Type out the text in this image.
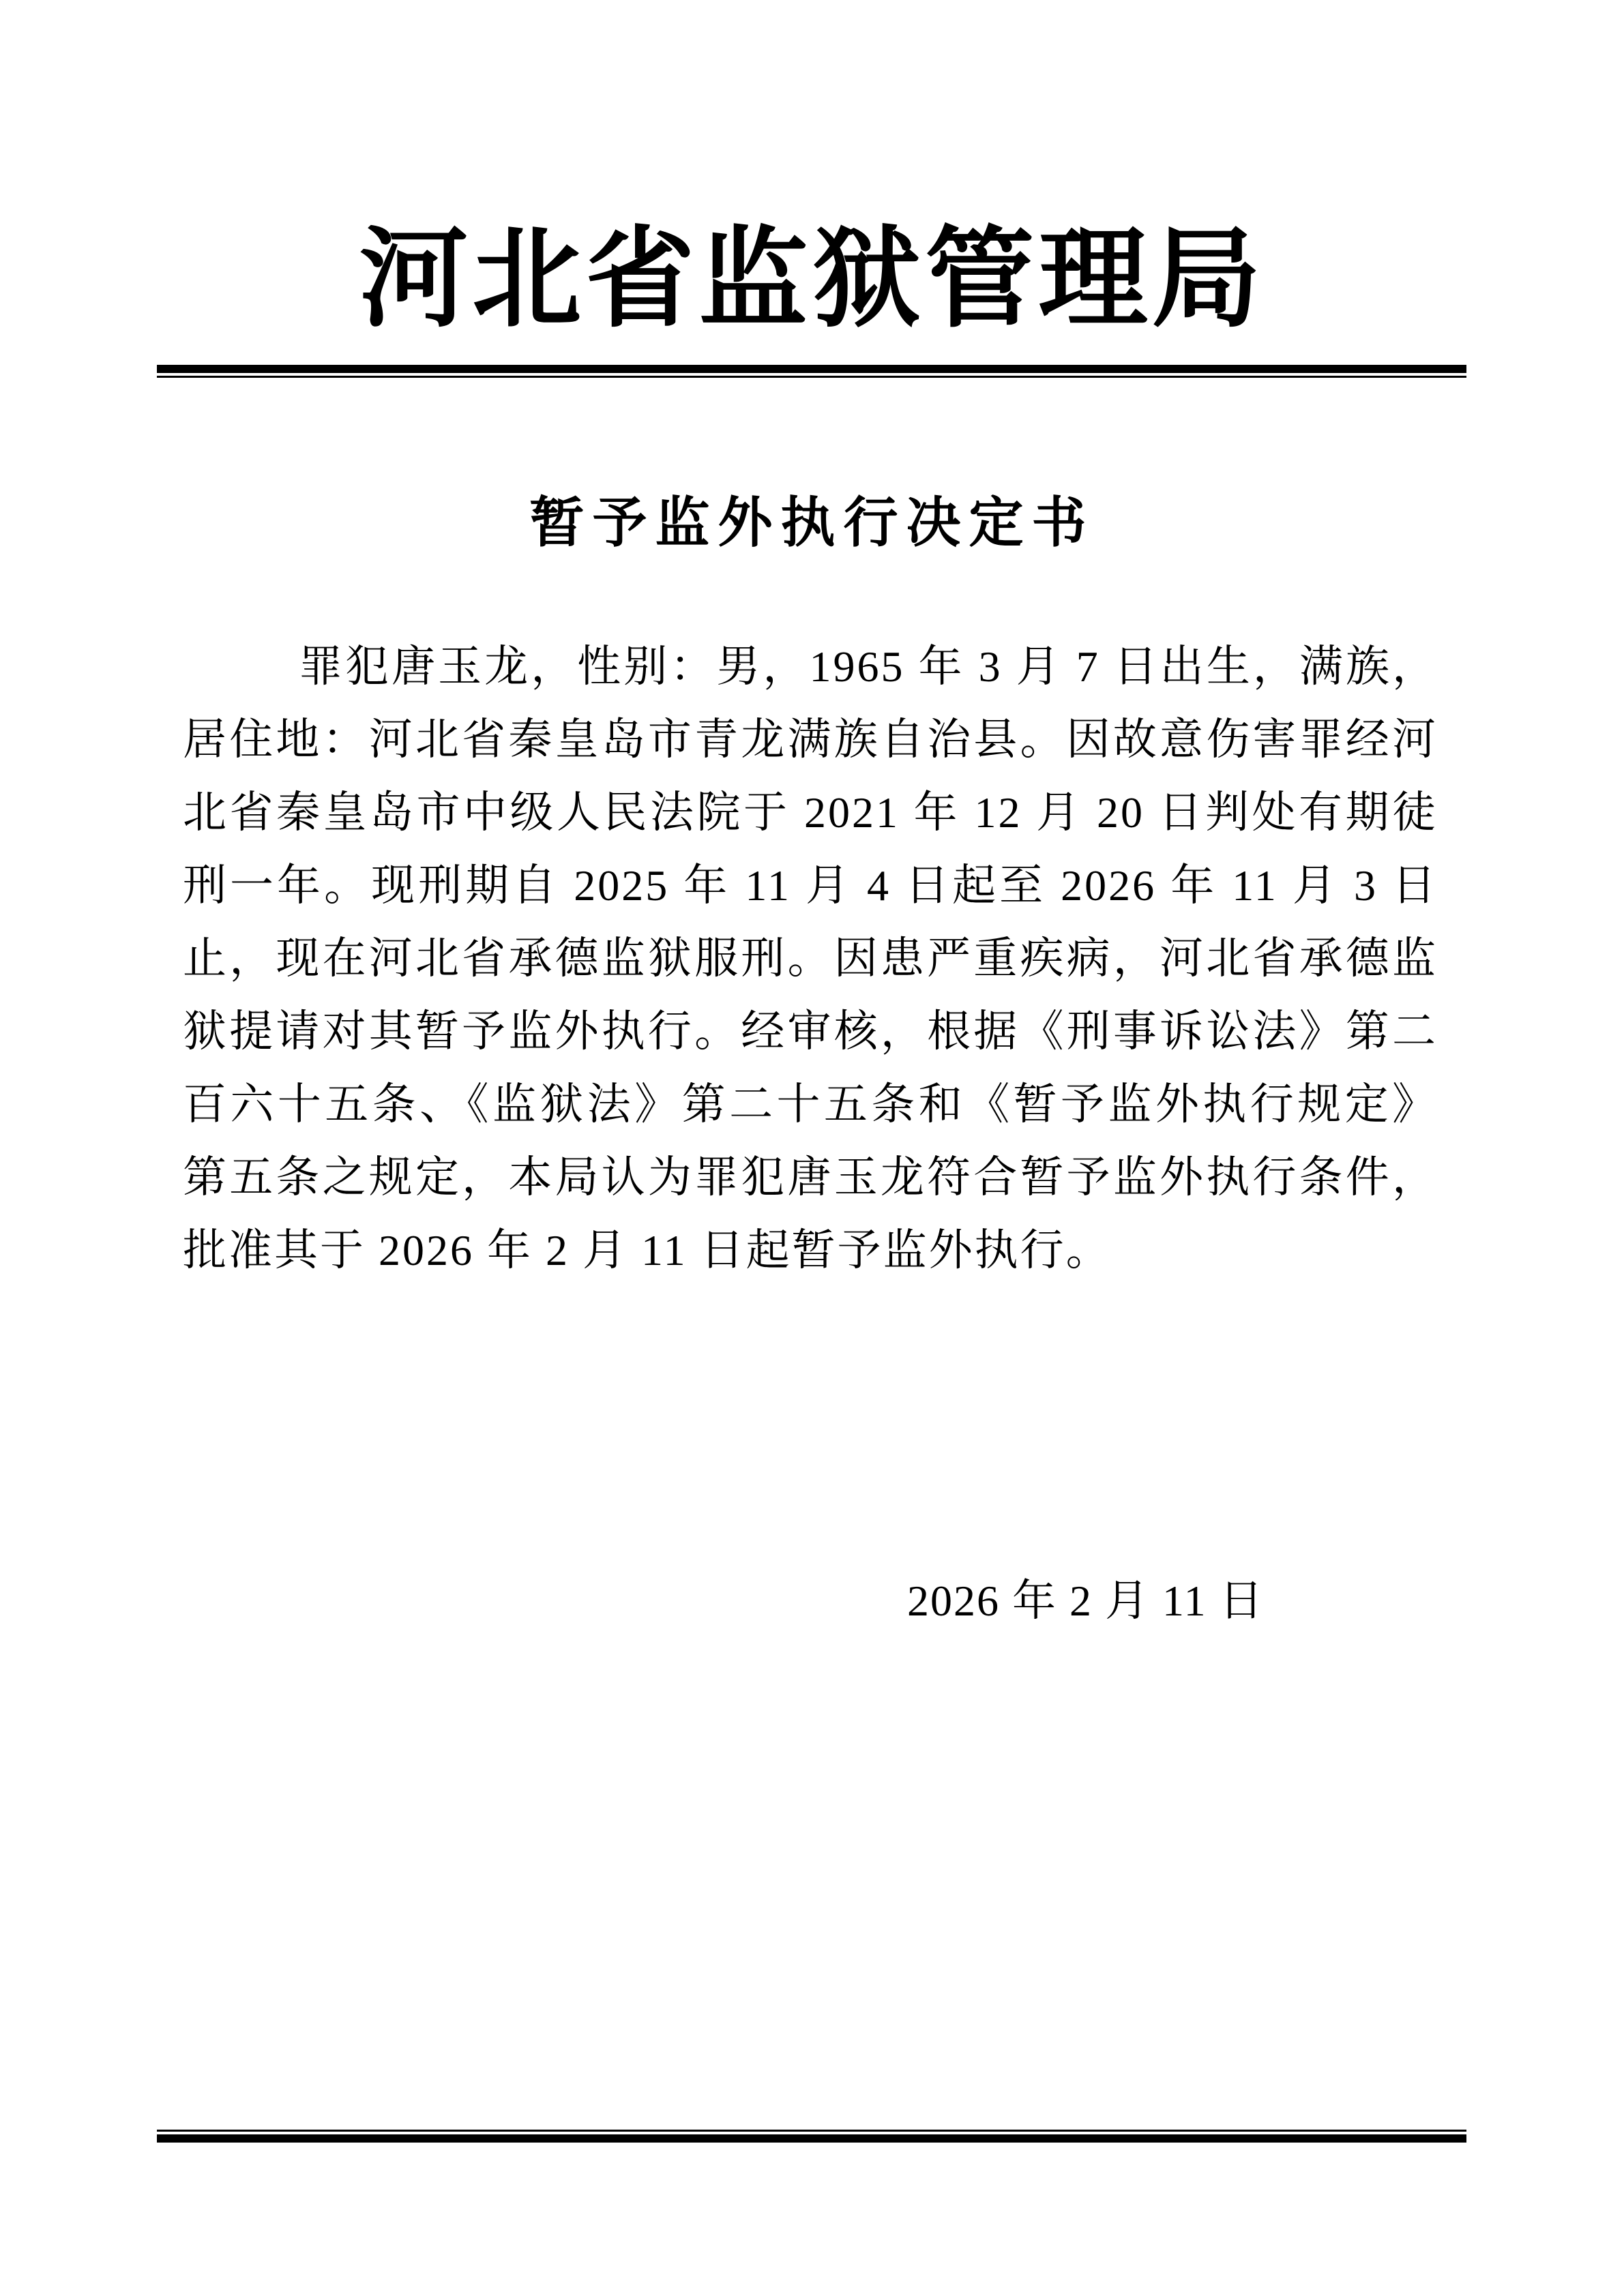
河北省监狱管理局
暂予监外执行决定书
罪犯唐玉龙，性别：男，1965 年 3 月 7 日出生，满族，居住地：河北省秦皇岛市青龙满族自治县。因故意伤害罪经河北省秦皇岛市中级人民法院于 2021 年 12 月 20 日判处有期徒刑一年。现刑期自 2025 年 11 月 4 日起至 2026 年 11 月 3 日止，现在河北省承德监狱服刑。因患严重疾病，河北省承德监狱提请对其暂予监外执行。经审核，根据《刑事诉讼法》第二百六十五条、《监狱法》第二十五条和《暂予监外执行规定》第五条之规定，本局认为罪犯唐玉龙符合暂予监外执行条件，批准其于 2026 年 2 月 11 日起暂予监外执行。
2026 年 2 月 11 日
